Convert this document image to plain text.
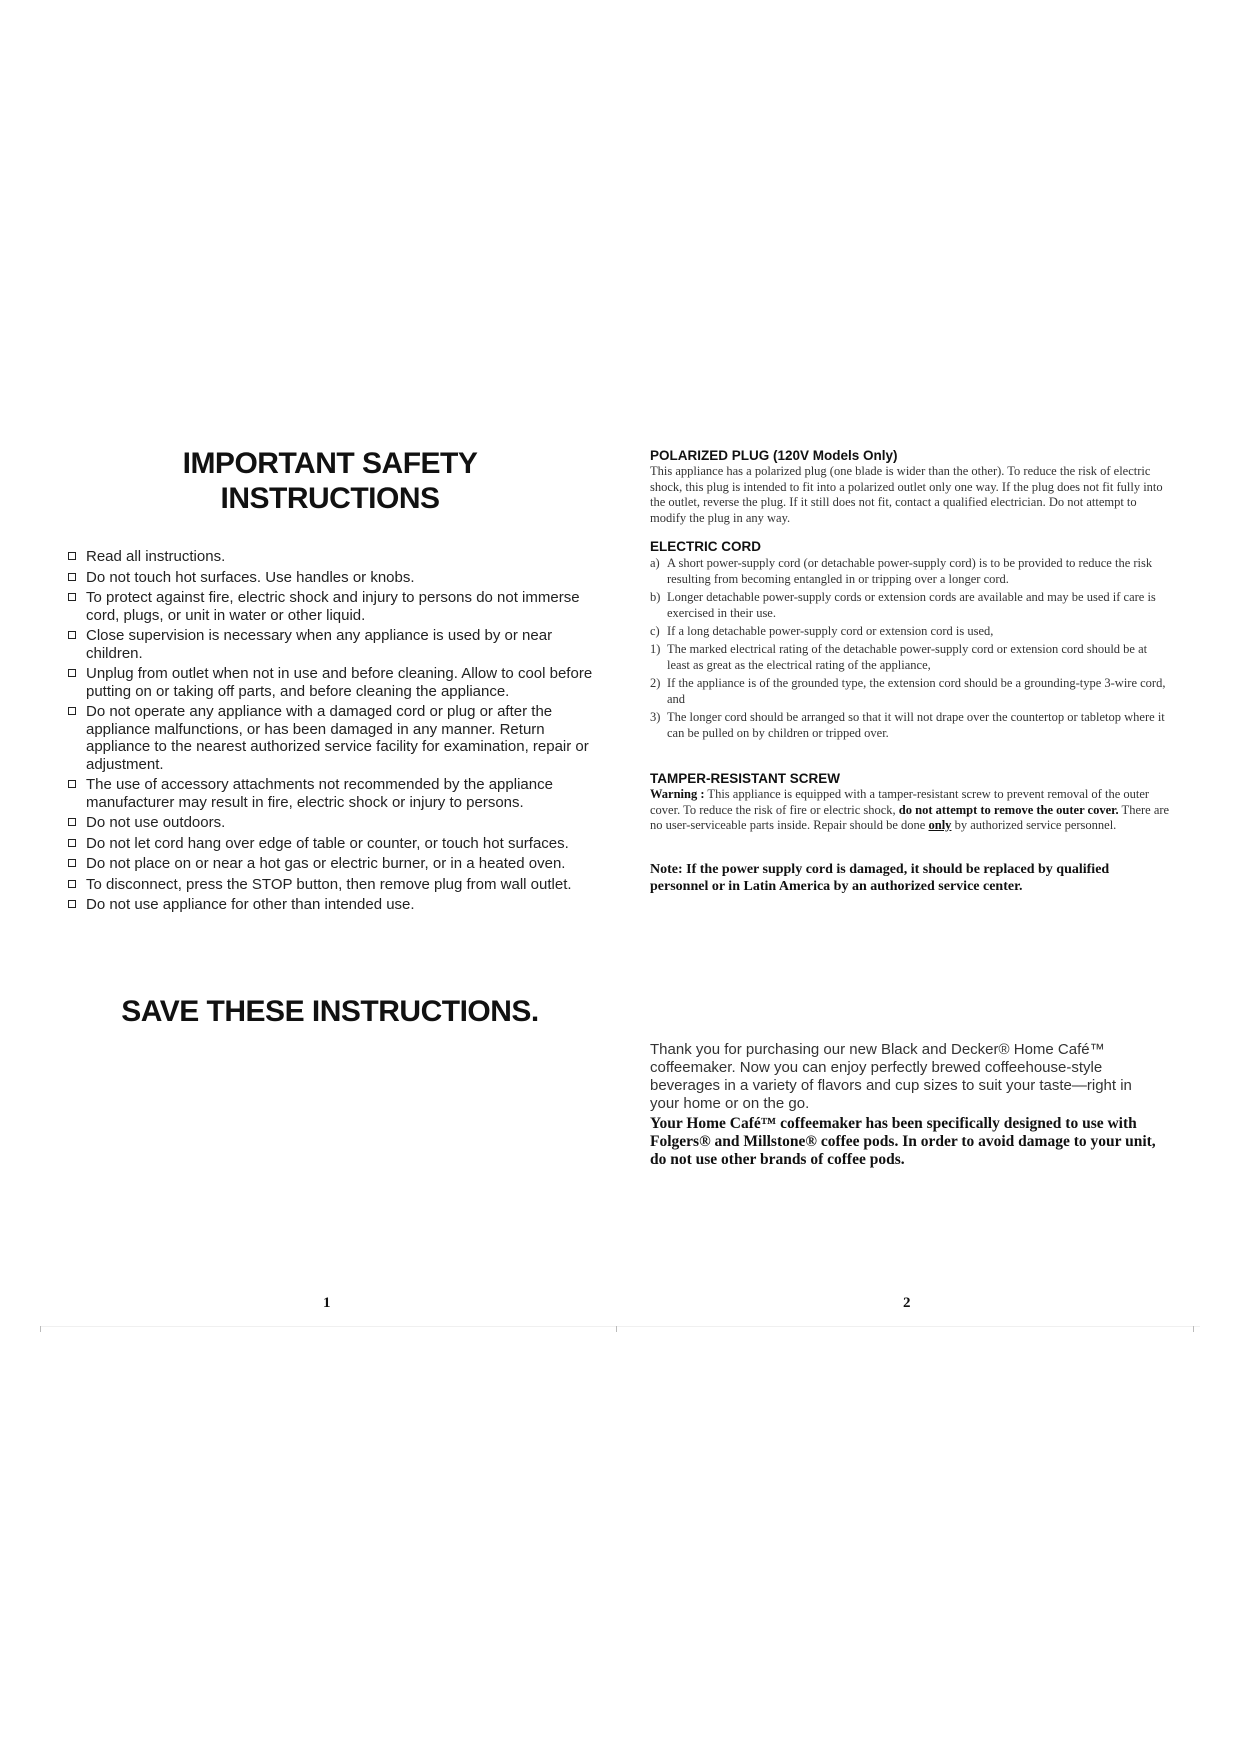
IMPORTANT SAFETY
INSTRUCTIONS
Read all instructions.
Do not touch hot surfaces. Use handles or knobs.
To protect against fire, electric shock and injury to persons do not immerse cord, plugs, or unit in water or other liquid.
Close supervision is necessary when any appliance is used by or near children.
Unplug from outlet when not in use and before cleaning. Allow to cool before putting on or taking off parts, and before cleaning the appliance.
Do not operate any appliance with a damaged cord or plug or after the appliance malfunctions, or has been damaged in any manner. Return appliance to the nearest authorized service facility for examination, repair or adjustment.
The use of accessory attachments not recommended by the appliance manufacturer may result in fire, electric shock or injury to persons.
Do not use outdoors.
Do not let cord hang over edge of table or counter, or touch hot surfaces.
Do not place on or near a hot gas or electric burner, or in a heated oven.
To disconnect, press the STOP button, then remove plug from wall outlet.
Do not use appliance for other than intended use.
SAVE THESE INSTRUCTIONS.
1

POLARIZED PLUG (120V Models Only)

This appliance has a polarized plug (one blade is wider than the other). To reduce the risk of electric shock, this plug is intended to fit into a polarized outlet only one way. If the plug does not fit fully into the outlet, reverse the plug. If it still does not fit, contact a qualified electrician. Do not attempt to modify the plug in any way.

ELECTRIC CORD

a) A short power-supply cord (or detachable power-supply cord) is to be provided to reduce the risk resulting from becoming entangled in or tripping over a longer cord.
b) Longer detachable power-supply cords or extension cords are available and may be used if care is exercised in their use.
c) If a long detachable power-supply cord or extension cord is used,
1) The marked electrical rating of the detachable power-supply cord or extension cord should be at least as great as the electrical rating of the appliance,
2) If the appliance is of the grounded type, the extension cord should be a grounding-type 3-wire cord, and
3) The longer cord should be arranged so that it will not drape over the countertop or tabletop where it can be pulled on by children or tripped over.

TAMPER-RESISTANT SCREW

Warning : This appliance is equipped with a tamper-resistant screw to prevent removal of the outer cover. To reduce the risk of fire or electric shock, do not attempt to remove the outer cover. There are no user-serviceable parts inside. Repair should be done only by authorized service personnel.

Note: If the power supply cord is damaged, it should be replaced by qualified personnel or in Latin America by an authorized service center.

Thank you for purchasing our new Black and Decker® Home Café™ coffeemaker. Now you can enjoy perfectly brewed coffeehouse-style beverages in a variety of flavors and cup sizes to suit your taste—right in your home or on the go.

Your Home Café™ coffeemaker has been specifically designed to use with Folgers® and Millstone® coffee pods. In order to avoid damage to your unit, do not use other brands of coffee pods.

2
